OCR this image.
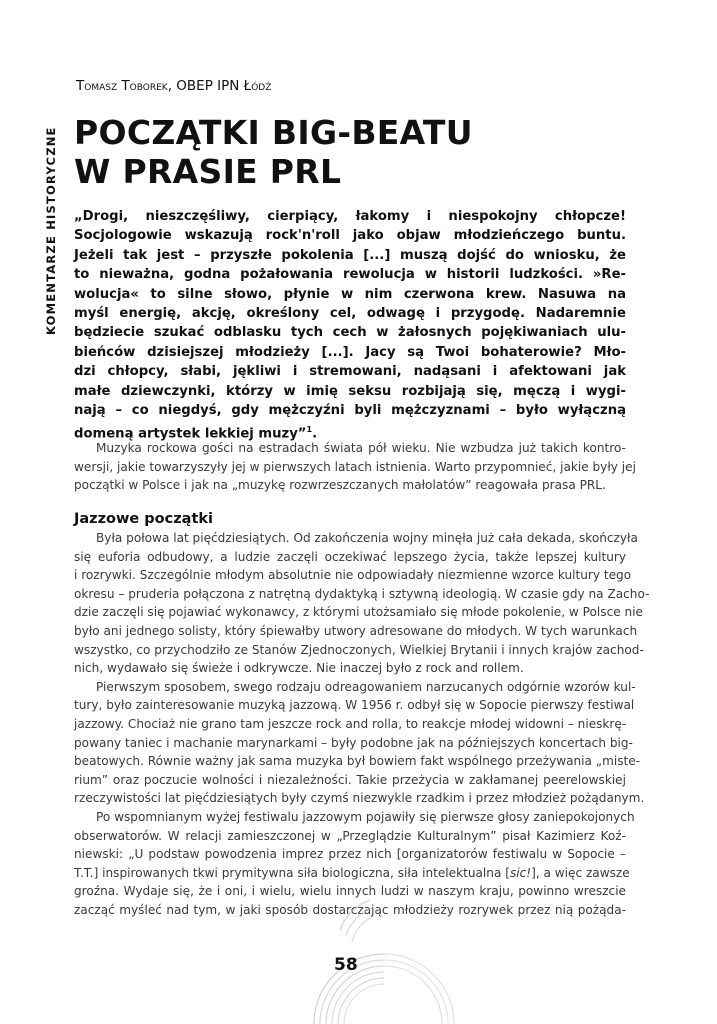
KOMENTARZE HISTORYCZNE
Tomasz Toborek, OBEP IPN Łódź
POCZĄTKI BIG-BEATU
W PRASIE PRL
„Drogi, nieszczęśliwy, cierpiący, łakomy i niespokojny chłopcze!
Socjologowie wskazują rock'n'roll jako objaw młodzieńczego buntu.
Jeżeli tak jest – przyszłe pokolenia [...] muszą dojść do wniosku, że
to nieważna, godna pożałowania rewolucja w historii ludzkości. »Re-
wolucja« to silne słowo, płynie w nim czerwona krew. Nasuwa na
myśl energię, akcję, określony cel, odwagę i przygodę. Nadaremnie
będziecie szukać odblasku tych cech w żałosnych pojękiwaniach ulu-
bieńców dzisiejszej młodzieży [...]. Jacy są Twoi bohaterowie? Mło-
dzi chłopcy, słabi, jękliwi i stremowani, nadąsani i afektowani jak
małe dziewczynki, którzy w imię seksu rozbijają się, męczą i wygi-
nają – co niegdyś, gdy mężczyźni byli mężczyznami – było wyłączną
domeną artystek lekkiej muzy”$^1$.
Muzyka rockowa gości na estradach świata pół wieku. Nie wzbudza już takich kontro-
wersji, jakie towarzyszyły jej w pierwszych latach istnienia. Warto przypomnieć, jakie były jej
początki w Polsce i jak na „muzykę rozwrzeszczanych małolatów” reagowała prasa PRL.
Jazzowe początki
Była połowa lat pięćdziesiątych. Od zakończenia wojny minęła już cała dekada, skończyła
się euforia odbudowy, a ludzie zaczęli oczekiwać lepszego życia, także lepszej kultury
i rozrywki. Szczególnie młodym absolutnie nie odpowiadały niezmienne wzorce kultury tego
okresu – pruderia połączona z natrętną dydaktyką i sztywną ideologią. W czasie gdy na Zacho-
dzie zaczęli się pojawiać wykonawcy, z którymi utożsamiało się młode pokolenie, w Polsce nie
było ani jednego solisty, który śpiewałby utwory adresowane do młodych. W tych warunkach
wszystko, co przychodziło ze Stanów Zjednoczonych, Wielkiej Brytanii i innych krajów zachod-
nich, wydawało się świeże i odkrywcze. Nie inaczej było z rock and rollem.
Pierwszym sposobem, swego rodzaju odreagowaniem narzucanych odgórnie wzorów kul-
tury, było zainteresowanie muzyką jazzową. W 1956 r. odbył się w Sopocie pierwszy festiwal
jazzowy. Chociaż nie grano tam jeszcze rock and rolla, to reakcje młodej widowni – nieskrę-
powany taniec i machanie marynarkami – były podobne jak na późniejszych koncertach big-
beatowych. Równie ważny jak sama muzyka był bowiem fakt wspólnego przeżywania „miste-
rium” oraz poczucie wolności i niezależności. Takie przeżycia w zakłamanej peerelowskiej
rzeczywistości lat pięćdziesiątych były czymś niezwykle rzadkim i przez młodzież pożądanym.
Po wspomnianym wyżej festiwalu jazzowym pojawiły się pierwsze głosy zaniepokojonych
obserwatorów. W relacji zamieszczonej w „Przeglądzie Kulturalnym” pisał Kazimierz Koź-
niewski: „U podstaw powodzenia imprez przez nich [organizatorów festiwalu w Sopocie –
T.T.] inspirowanych tkwi prymitywna siła biologiczna, siła intelektualna [sic!], a więc zawsze
groźna. Wydaje się, że i oni, i wielu, wielu innych ludzi w naszym kraju, powinno wreszcie
zacząć myśleć nad tym, w jaki sposób dostarczając młodzieży rozrywek przez nią pożąda-
58
